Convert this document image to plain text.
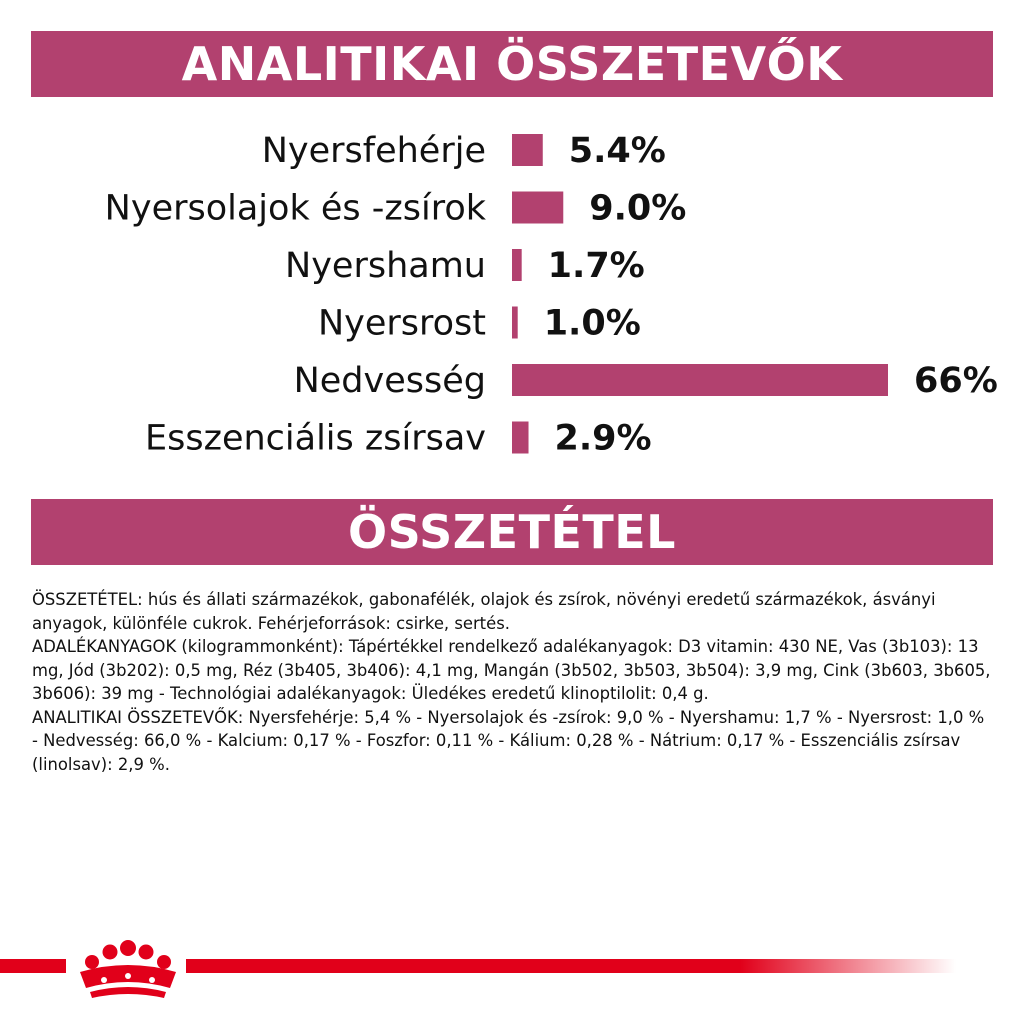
ANALITIKAI ÖSSZETEVŐK
Nyersfehérje 5.4%
Nyersolajok és -zsírok	9.0%
Nyershamu 1.7%
Nyersrost 1.0%
Nedvesség	66%
Esszenciális zsírsav 2.9%
ÖSSZETÉTEL

ÖSSZETÉTEL: hús és állati származékok, gabonafélék, olajok és zsírok, növényi eredetű származékok, ásványi anyagok, különféle cukrok. Fehérjeforrások: csirke, sertés.

ADALÉKANYAGOK (kilogrammonként): Tápértékkel rendelkező adalékanyagok: D3 vitamin: 430 NE, Vas (3b103): 13 mg, Jód (3b202): 0,5 mg, Réz (3b405, 3b406): 4,1 mg, Mangán (3b502, 3b503, 3b504): 3,9 mg, Cink (3b603, 3b605, 3b606): 39 mg - Technológiai adalékanyagok: Üledékes eredetű klinoptilolit: 0,4 g.

ANALITIKAI ÖSSZETEVŐK: Nyersfehérje: 5,4 % - Nyersolajok és -zsírok: 9,0 % - Nyershamu: 1,7 % - Nyersrost: 1,0 % - Nedvesség: 66,0 % - Kalcium: 0,17 % - Foszfor: 0,11 % - Kálium: 0,28 % - Nátrium: 0,17 % - Esszenciális zsírsav (linolsav): 2,9 %.
